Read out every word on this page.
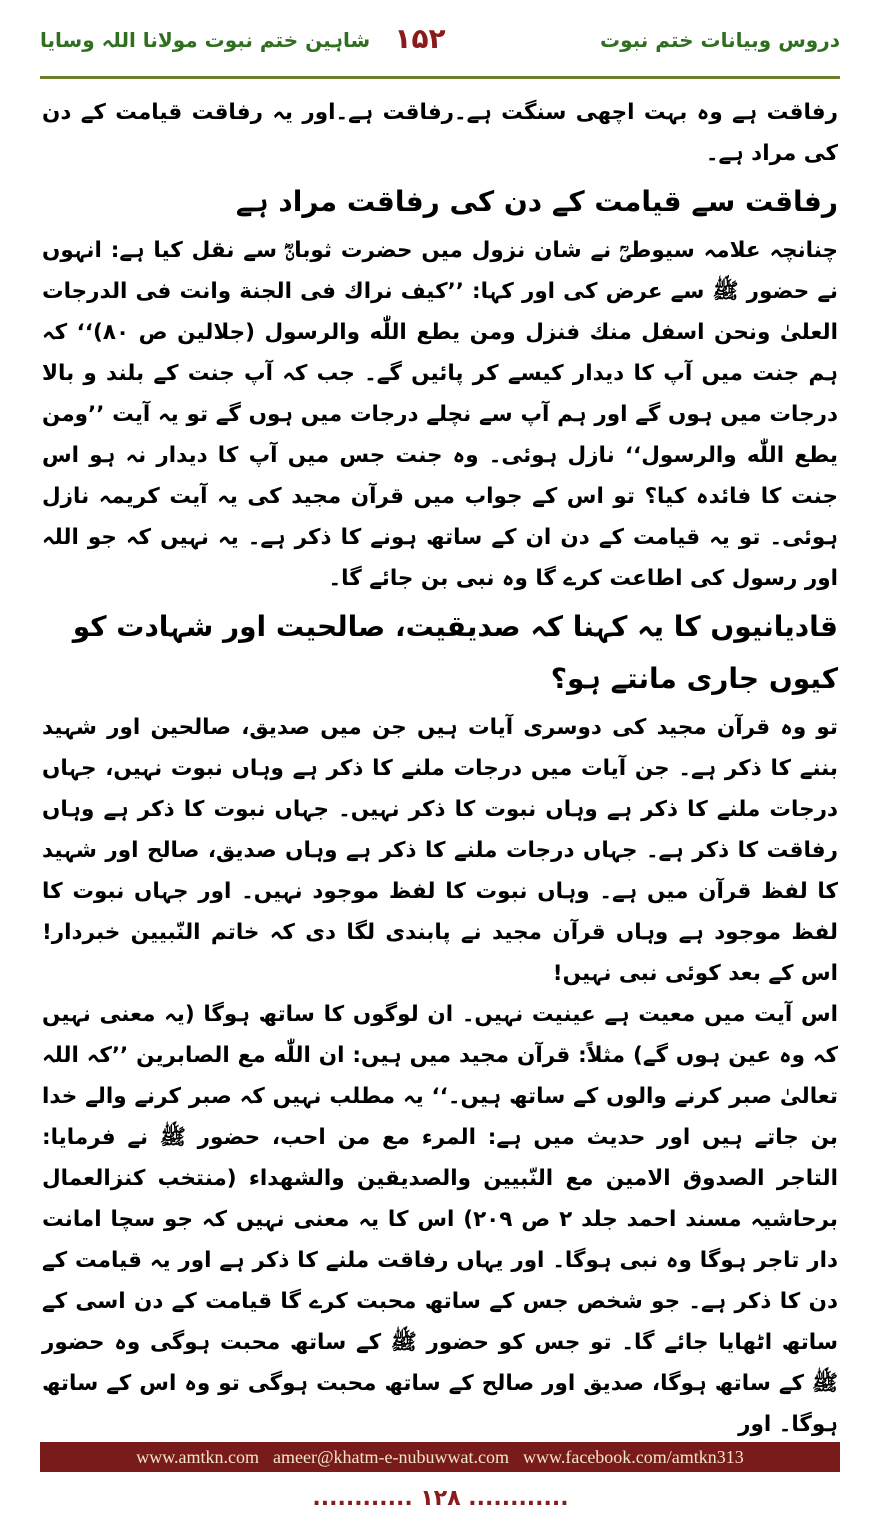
دروس وبیانات ختم نبوت
۱۵۲
شاہین ختم نبوت مولانا اللہ وسایا

رفاقت ہے وہ بہت اچھی سنگت ہے۔رفاقت ہے۔اور یہ رفاقت قیامت کے دن کی مراد ہے۔

رفاقت سے قیامت کے دن کی رفاقت مراد ہے

چنانچہ علامہ سیوطیؒ نے شان نزول میں حضرت ثوبانؓ سے نقل کیا ہے: انہوں نے حضور ﷺ سے عرض کی اور کہا: ’’کیف نراك فی الجنة وانت فی الدرجات العلیٰ ونحن اسفل منك فنزل ومن یطع اللّٰه والرسول (جلالین ص ۸۰)‘‘ کہ ہم جنت میں آپ کا دیدار کیسے کر پائیں گے۔ جب کہ آپ جنت کے بلند و بالا درجات میں ہوں گے اور ہم آپ سے نچلے درجات میں ہوں گے تو یہ آیت ’’ومن یطع اللّٰه والرسول‘‘ نازل ہوئی۔ وہ جنت جس میں آپ کا دیدار نہ ہو اس جنت کا فائدہ کیا؟ تو اس کے جواب میں قرآن مجید کی یہ آیت کریمہ نازل ہوئی۔ تو یہ قیامت کے دن ان کے ساتھ ہونے کا ذکر ہے۔ یہ نہیں کہ جو اللہ اور رسول کی اطاعت کرے گا وہ نبی بن جائے گا۔

قادیانیوں کا یہ کہنا کہ صدیقیت، صالحیت اور شہادت کو کیوں جاری مانتے ہو؟

تو وہ قرآن مجید کی دوسری آیات ہیں جن میں صدیق، صالحین اور شہید بننے کا ذکر ہے۔ جن آیات میں درجات ملنے کا ذکر ہے وہاں نبوت نہیں، جہاں درجات ملنے کا ذکر ہے وہاں نبوت کا ذکر نہیں۔ جہاں نبوت کا ذکر ہے وہاں رفاقت کا ذکر ہے۔ جہاں درجات ملنے کا ذکر ہے وہاں صدیق، صالح اور شہید کا لفظ قرآن میں ہے۔ وہاں نبوت کا لفظ موجود نہیں۔ اور جہاں نبوت کا لفظ موجود ہے وہاں قرآن مجید نے پابندی لگا دی کہ خاتم النّبیین خبردار! اس کے بعد کوئی نبی نہیں!

اس آیت میں معیت ہے عینیت نہیں۔ ان لوگوں کا ساتھ ہوگا (یہ معنی نہیں کہ وہ عین ہوں گے) مثلاً: قرآن مجید میں ہیں: ان اللّٰه مع الصابرین ’’کہ اللہ تعالیٰ صبر کرنے والوں کے ساتھ ہیں۔‘‘ یہ مطلب نہیں کہ صبر کرنے والے خدا بن جاتے ہیں اور حدیث میں ہے: المرء مع من احب، حضور ﷺ نے فرمایا: التاجر الصدوق الامین مع النّبیین والصدیقین والشهداء (منتخب کنزالعمال برحاشیہ مسند احمد جلد ۲ ص ۲۰۹) اس کا یہ معنی نہیں کہ جو سچا امانت دار تاجر ہوگا وہ نبی ہوگا۔ اور یہاں رفاقت ملنے کا ذکر ہے اور یہ قیامت کے دن کا ذکر ہے۔ جو شخص جس کے ساتھ محبت کرے گا قیامت کے دن اسی کے ساتھ اٹھایا جائے گا۔ تو جس کو حضور ﷺ کے ساتھ محبت ہوگی وہ حضور ﷺ کے ساتھ ہوگا، صدیق اور صالح کے ساتھ محبت ہوگی تو وہ اس کے ساتھ ہوگا۔ اور

www.amtkn.com ameer@khatm-e-nubuwwat.com www.facebook.com/amtkn313
............ ۱۲۸ ............
